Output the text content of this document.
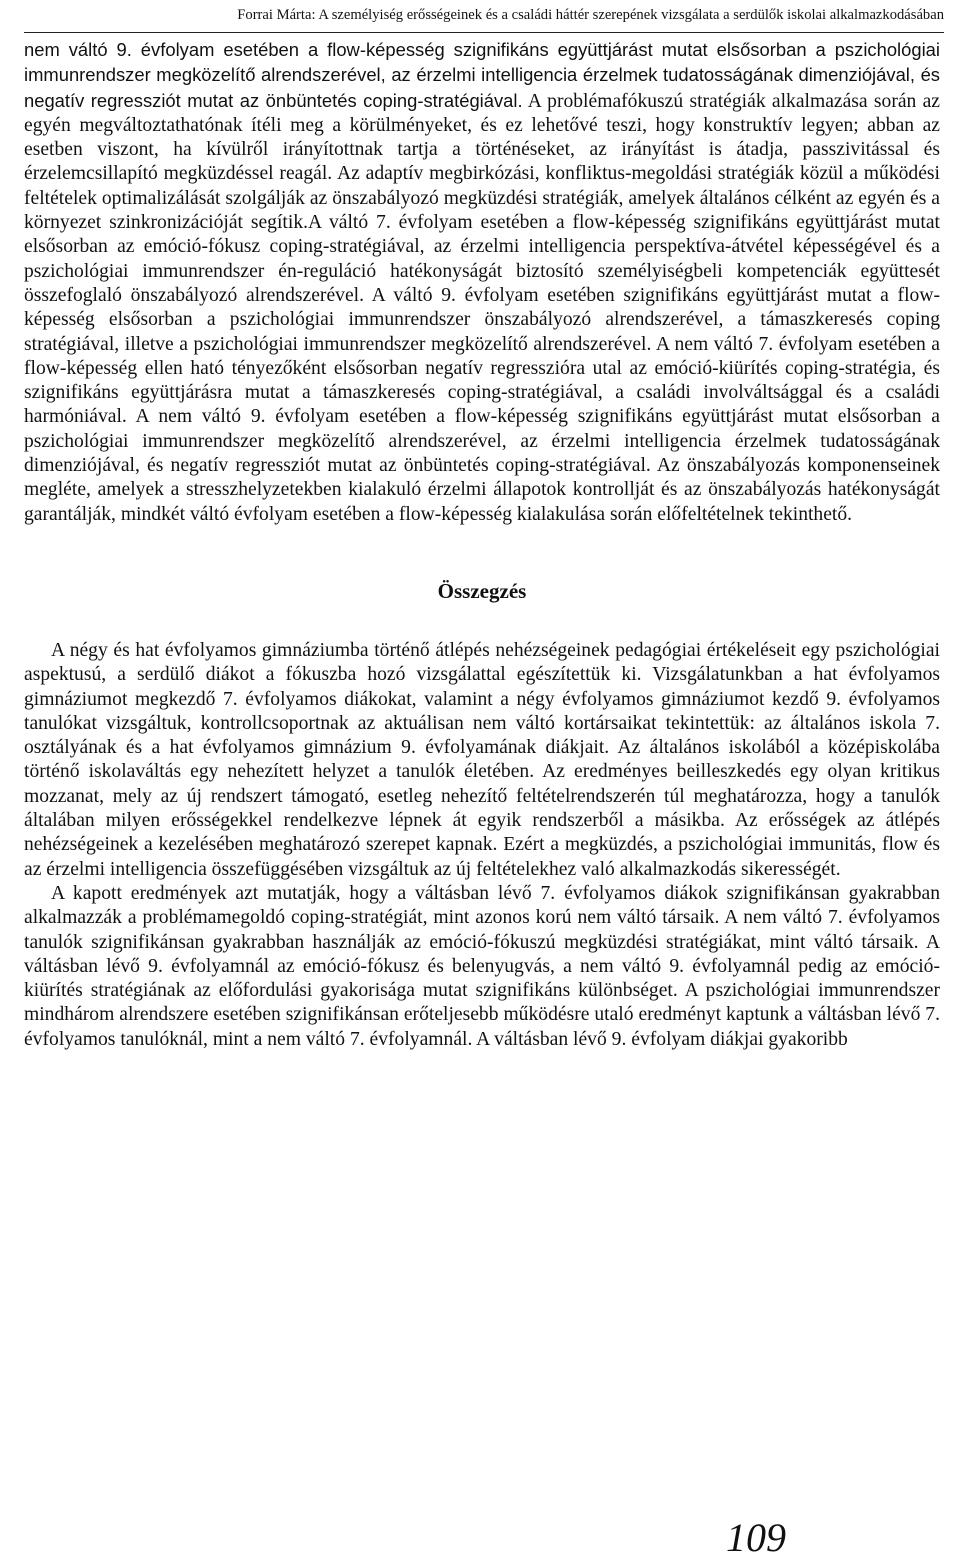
Forrai Márta: A személyiség erősségeinek és a családi háttér szerepének vizsgálata a serdülők iskolai alkalmazkodásában

nem váltó 9. évfolyam esetében a flow-képesség szignifikáns együttjárást mutat elsősorban a pszichológiai immunrendszer megközelítő alrendszerével, az érzelmi intelligencia érzelmek tudatosságának dimenziójával, és negatív regressziót mutat az önbüntetés coping-stratégiával. A problémafókuszú stratégiák alkalmazása során az egyén megváltoztathatónak ítéli meg a körülményeket, és ez lehetővé teszi, hogy konstruktív legyen; abban az esetben viszont, ha kívülről irányítottnak tartja a történéseket, az irányítást is átadja, passzivitással és érzelemcsillapító megküzdéssel reagál. Az adaptív megbirkózási, konfliktus-megoldási stratégiák közül a működési feltételek optimalizálását szolgálják az önszabályozó megküzdési stratégiák, amelyek általános célként az egyén és a környezet szinkronizációját segítik.A váltó 7. évfolyam esetében a flow-képesség szignifikáns együttjárást mutat elsősorban az emóció-fókusz coping-stratégiával, az érzelmi intelligencia perspektíva-átvétel képességével és a pszichológiai immunrendszer én-reguláció hatékonyságát biztosító személyiségbeli kompetenciák együttesét összefoglaló önszabályozó alrendszerével. A váltó 9. évfolyam esetében szignifikáns együttjárást mutat a flow-képesség elsősorban a pszichológiai immunrendszer önszabályozó alrendszerével, a támaszkeresés coping stratégiával, illetve a pszichológiai immunrendszer megközelítő alrendszerével. A nem váltó 7. évfolyam esetében a flow-képesség ellen ható tényezőként elsősorban negatív regresszióra utal az emóció-kiürítés coping-stratégia, és szignifikáns együttjárásra mutat a támaszkeresés coping-stratégiával, a családi involváltsággal és a családi harmóniával. A nem váltó 9. évfolyam esetében a flow-képesség szignifikáns együttjárást mutat elsősorban a pszichológiai immunrendszer megközelítő alrendszerével, az érzelmi intelligencia érzelmek tudatosságának dimenziójával, és negatív regressziót mutat az önbüntetés coping-stratégiával. Az önszabályozás komponenseinek megléte, amelyek a stresszhelyzetekben kialakuló érzelmi állapotok kontrollját és az önszabályozás hatékonyságát garantálják, mindkét váltó évfolyam esetében a flow-képesség kialakulása során előfeltételnek tekinthető.

Összegzés

A négy és hat évfolyamos gimnáziumba történő átlépés nehézségeinek pedagógiai értékeléseit egy pszichológiai aspektusú, a serdülő diákot a fókuszba hozó vizsgálattal egészítettük ki. Vizsgálatunkban a hat évfolyamos gimnáziumot megkezdő 7. évfolyamos diákokat, valamint a négy évfolyamos gimnáziumot kezdő 9. évfolyamos tanulókat vizsgáltuk, kontrollcsoportnak az aktuálisan nem váltó kortársaikat tekintettük: az általános iskola 7. osztályának és a hat évfolyamos gimnázium 9. évfolyamának diákjait. Az általános iskolából a középiskolába történő iskolaváltás egy nehezített helyzet a tanulók életében. Az eredményes beilleszkedés egy olyan kritikus mozzanat, mely az új rendszert támogató, esetleg nehezítő feltételrendszerén túl meghatározza, hogy a tanulók általában milyen erősségekkel rendelkezve lépnek át egyik rendszerből a másikba. Az erősségek az átlépés nehézségeinek a kezelésében meghatározó szerepet kapnak. Ezért a megküzdés, a pszichológiai immunitás, flow és az érzelmi intelligencia összefüggésében vizsgáltuk az új feltételekhez való alkalmazkodás sikerességét.

A kapott eredmények azt mutatják, hogy a váltásban lévő 7. évfolyamos diákok szignifikánsan gyakrabban alkalmazzák a problémamegoldó coping-stratégiát, mint azonos korú nem váltó társaik. A nem váltó 7. évfolyamos tanulók szignifikánsan gyakrabban használják az emóció-fókuszú megküzdési stratégiákat, mint váltó társaik. A váltásban lévő 9. évfolyamnál az emóció-fókusz és belenyugvás, a nem váltó 9. évfolyamnál pedig az emóció-kiürítés stratégiának az előfordulási gyakorisága mutat szignifikáns különbséget. A pszichológiai immunrendszer mindhárom alrendszere esetében szignifikánsan erőteljesebb működésre utaló eredményt kaptunk a váltásban lévő 7. évfolyamos tanulóknál, mint a nem váltó 7. évfolyamnál. A váltásban lévő 9. évfolyam diákjai gyakoribb

109
